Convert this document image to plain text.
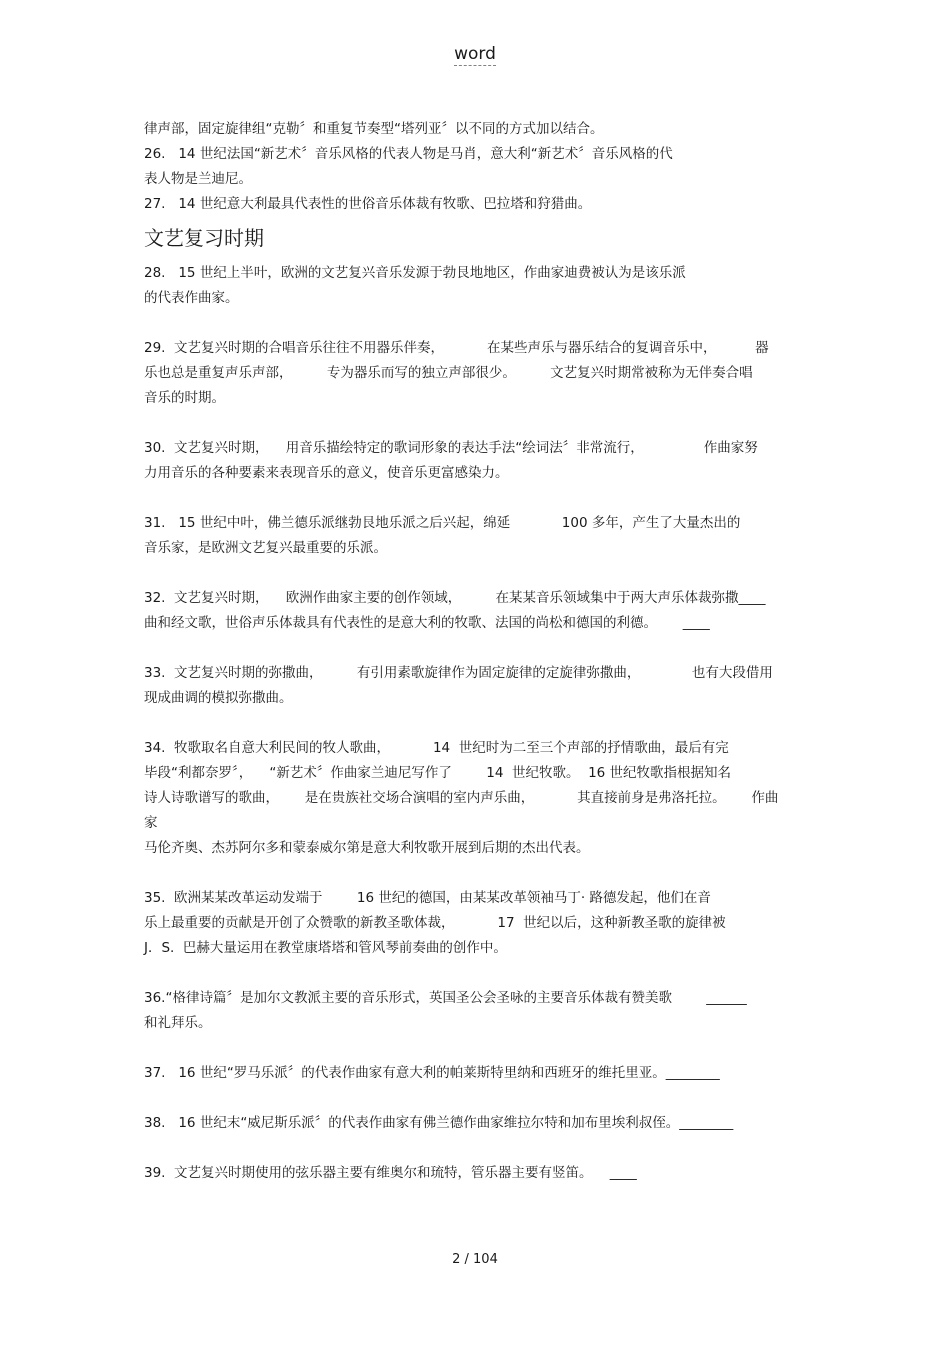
word
律声部，固定旋律组“克勒〞和重复节奏型“塔列亚〞以不同的方式加以结合。
26.   14 世纪法国“新艺术〞音乐风格的代表人物是马肖，意大利“新艺术〞音乐风格的代
表人物是兰迪尼。
27.   14 世纪意大利最具代表性的世俗音乐体裁有牧歌、巴拉塔和狩猎曲。
文艺复习时期
28.   15 世纪上半叶，欧洲的文艺复兴音乐发源于勃艮地地区，作曲家迪费被认为是该乐派
的代表作曲家。
29.  文艺复兴时期的合唱音乐往往不用器乐伴奏，          在某些声乐与器乐结合的复调音乐中，         器
乐也总是重复声乐声部，        专为器乐而写的独立声部很少。        文艺复兴时期常被称为无伴奏合唱
音乐的时期。
30.  文艺复兴时期，    用音乐描绘特定的歌词形象的表达手法“绘词法〞非常流行，              作曲家努
力用音乐的各种要素来表现音乐的意义，使音乐更富感染力。
31.   15 世纪中叶，佛兰德乐派继勃艮地乐派之后兴起，绵延            100 多年，产生了大量杰出的
音乐家，是欧洲文艺复兴最重要的乐派。
32.  文艺复兴时期，    欧洲作曲家主要的创作领域，        在某某音乐领域集中于两大声乐体裁弥撒____
曲和经文歌，世俗声乐体裁具有代表性的是意大利的牧歌、法国的尚松和德国的利德。      ____
33.  文艺复兴时期的弥撒曲，        有引用素歌旋律作为固定旋律的定旋律弥撒曲，            也有大段借用
现成曲调的模拟弥撒曲。
34.  牧歌取名自意大利民间的牧人歌曲，          14  世纪时为二至三个声部的抒情歌曲，最后有完
毕段“利都奈罗〞，    “新艺术〞作曲家兰迪尼写作了        14  世纪牧歌。  16 世纪牧歌指根据知名
诗人诗歌谱写的歌曲，      是在贵族社交场合演唱的室内声乐曲，          其直接前身是弗洛托拉。      作曲
家
马伦齐奥、杰苏阿尔多和蒙泰威尔第是意大利牧歌开展到后期的杰出代表。
35.  欧洲某某改革运动发端于        16 世纪的德国，由某某改革领袖马丁· 路德发起，他们在音
乐上最重要的贡献是开创了众赞歌的新教圣歌体裁，          17  世纪以后，这种新教圣歌的旋律被
J．S.  巴赫大量运用在教堂康塔塔和管风琴前奏曲的创作中。
36.“格律诗篇〞是加尔文教派主要的音乐形式，英国圣公会圣咏的主要音乐体裁有赞美歌        ______
和礼拜乐。
37.   16 世纪“罗马乐派〞的代表作曲家有意大利的帕莱斯特里纳和西班牙的维托里亚。________
38.   16 世纪末“威尼斯乐派〞的代表作曲家有佛兰德作曲家维拉尔特和加布里埃利叔侄。________
39.  文艺复兴时期使用的弦乐器主要有维奥尔和琉特，管乐器主要有竖笛。    ____
2 / 104
